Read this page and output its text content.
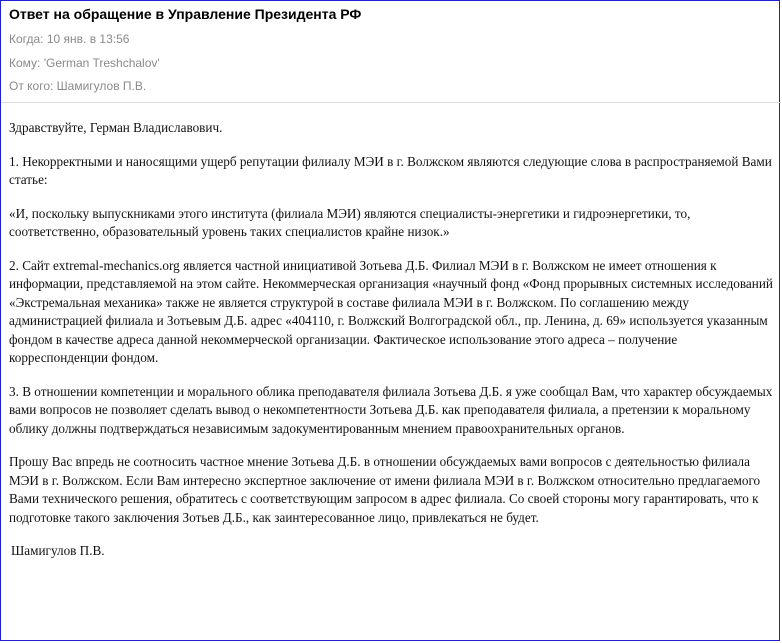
Ответ на обращение в Управление Президента РФ
Когда: 10 янв. в 13:56
Кому: 'German Treshchalov'
От кого: Шамигулов П.В.

Здравствуйте, Герман Владиславович.

1. Некорректными и наносящими ущерб репутации филиалу МЭИ в г. Волжском являются следующие слова в распространяемой Вами статье:

«И, поскольку выпускниками этого института (филиала МЭИ) являются специалисты-энергетики и гидроэнергетики, то, соответственно, образовательный уровень таких специалистов крайне низок.»

2. Сайт extremal-mechanics.org является частной инициативой Зотьева Д.Б. Филиал МЭИ в г. Волжском не имеет отношения к информации, представляемой на этом сайте. Некоммерческая организация «научный фонд «Фонд прорывных системных исследований «Экстремальная механика» также не является структурой в составе филиала МЭИ в г. Волжском. По соглашению между администрацией филиала и Зотьевым Д.Б. адрес «404110, г. Волжский Волгоградской обл., пр. Ленина, д. 69» используется указанным фондом в качестве адреса данной некоммерческой организации. Фактическое использование этого адреса – получение корреспонденции фондом.

3. В отношении компетенции и морального облика преподавателя филиала Зотьева Д.Б. я уже сообщал Вам, что характер обсуждаемых вами вопросов не позволяет сделать вывод о некомпетентности Зотьева Д.Б. как преподавателя филиала, а претензии к моральному облику должны подтверждаться независимым задокументированным мнением правоохранительных органов.

Прошу Вас впредь не соотносить частное мнение Зотьева Д.Б. в отношении обсуждаемых вами вопросов с деятельностью филиала МЭИ в г. Волжском. Если Вам интересно экспертное заключение от имени филиала МЭИ в г. Волжском относительно предлагаемого Вами технического решения, обратитесь с соответствующим запросом в адрес филиала. Со своей стороны могу гарантировать, что к подготовке такого заключения Зотьев Д.Б., как заинтересованное лицо, привлекаться не будет.

Шамигулов П.В.
